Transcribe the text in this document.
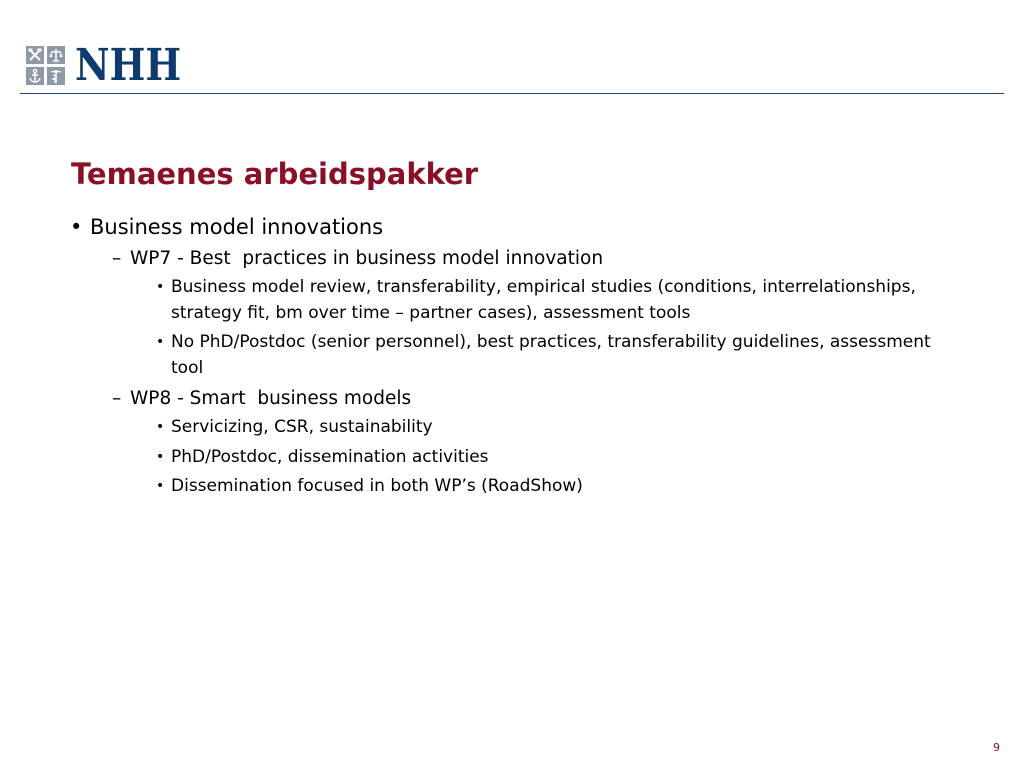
NHH
Temaenes arbeidspakker
• Business model innovations
– WP7 - Best  practices in business model innovation
• Business model review, transferability, empirical studies (conditions, interrelationships, strategy fit, bm over time – partner cases), assessment tools
• No PhD/Postdoc (senior personnel), best practices, transferability guidelines, assessment tool
– WP8 - Smart  business models
• Servicizing, CSR, sustainability
• PhD/Postdoc, dissemination activities
• Dissemination focused in both WP’s (RoadShow)
9
